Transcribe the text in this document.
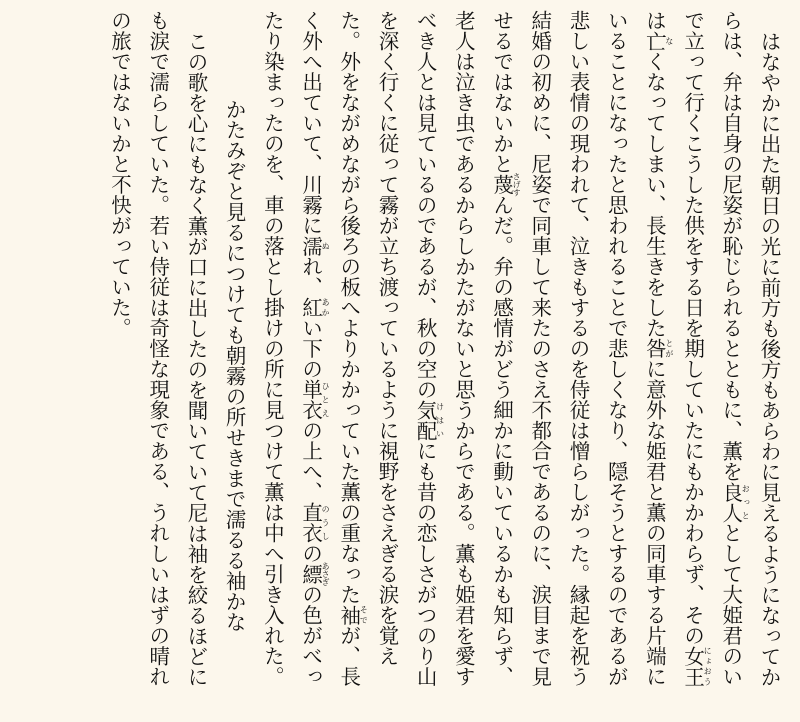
はなやかに出た朝日の光に前方も後方もあらわに見えるようになってからは、弁は自身の尼姿が恥じられるとともに、薫を良人おっととして大姫君のいで立って行くこうした供をする日を期していたにもかかわらず、その女王にょおうは亡なくなってしまい、長生きをした咎とがに意外な姫君と薫の同車する片端にいることになったと思われることで悲しくなり、隠そうとするのであるが悲しい表情の現われて、泣きもするのを侍従は憎らしがった。縁起を祝う結婚の初めに、尼姿で同車して来たのさえ不都合であるのに、涙目まで見せるではないかと蔑さげすんだ。弁の感情がどう細かに動いているかも知らず、老人は泣き虫であるからしかたがないと思うからである。薫も姫君を愛すべき人とは見ているのであるが、秋の空の気配けはいにも昔の恋しさがつのり山を深く行くに従って霧が立ち渡っているように視野をさえぎる涙を覚えた。外をながめながら後ろの板へよりかかっていた薫の重なった袖そでが、長く外へ出ていて、川霧に濡ぬれ、紅あかい下の単衣ひとえの上へ、直衣のうしの縹あさぎの色がべったり染まったのを、車の落とし掛けの所に見つけて薫は中へ引き入れた。

かたみぞと見るにつけても朝霧の所せきまで濡るる袖かな

この歌を心にもなく薫が口に出したのを聞いていて尼は袖を絞るほどにも涙で濡らしていた。若い侍従は奇怪な現象である、うれしいはずの晴れの旅ではないかと不快がっていた。
